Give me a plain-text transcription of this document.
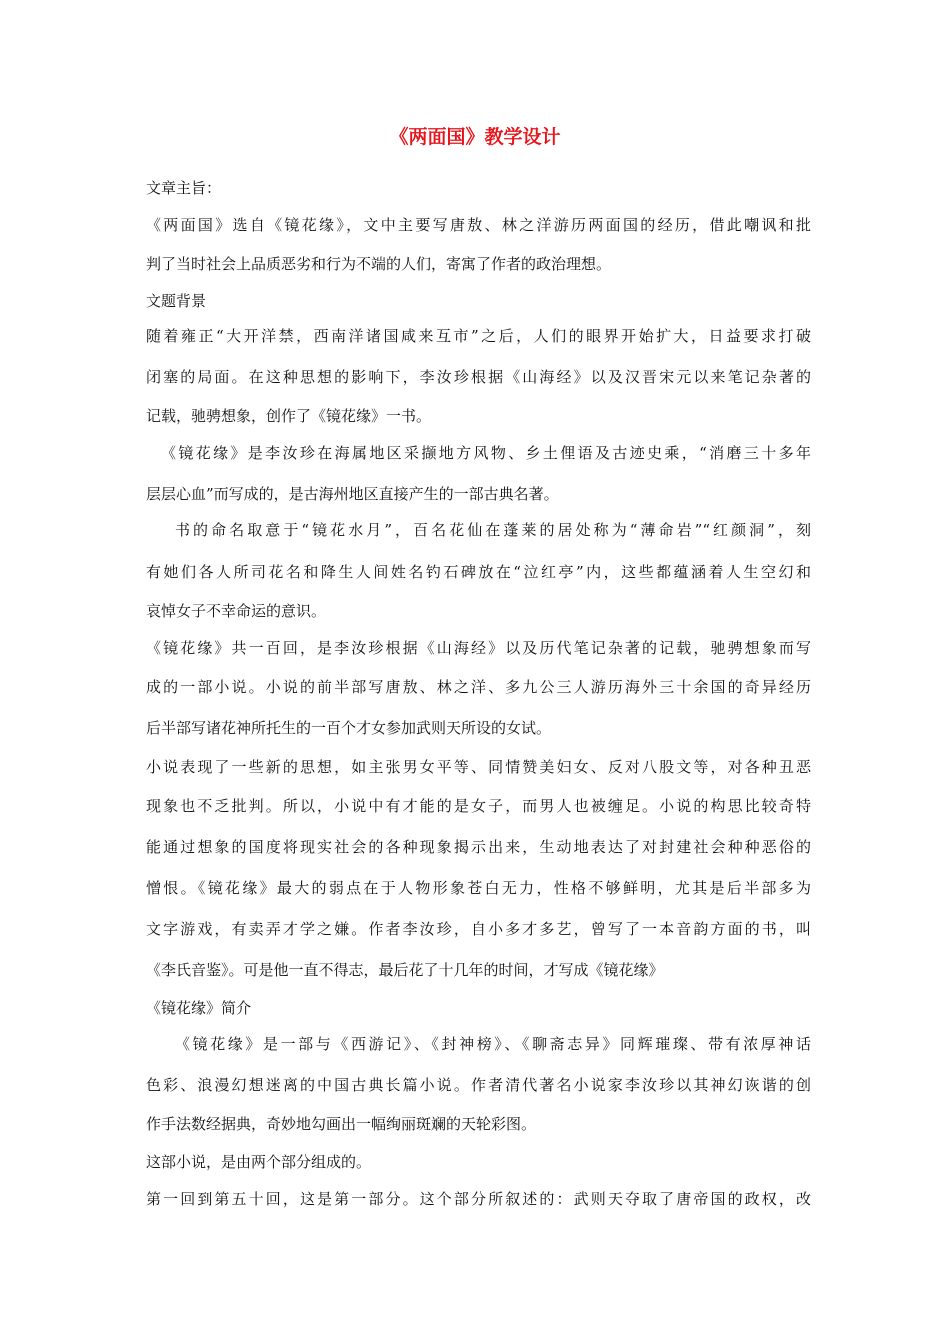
《两面国》教学设计
文章主旨：
《两面国》选自《镜花缘》，文中主要写唐敖、林之洋游历两面国的经历，借此嘲讽和批
判了当时社会上品质恶劣和行为不端的人们，寄寓了作者的政治理想。
文题背景
随着雍正“大开洋禁，西南洋诸国咸来互市”之后，人们的眼界开始扩大，日益要求打破
闭塞的局面。在这种思想的影响下，李汝珍根据《山海经》以及汉晋宋元以来笔记杂著的
记载，驰骋想象，创作了《镜花缘》一书。
《镜花缘》是李汝珍在海属地区采撷地方风物、乡土俚语及古迹史乘，“消磨三十多年
层层心血”而写成的，是古海州地区直接产生的一部古典名著。
书的命名取意于“镜花水月”，百名花仙在蓬莱的居处称为“薄命岩”“红颜洞”，刻
有她们各人所司花名和降生人间姓名钓石碑放在“泣红亭”内，这些都蕴涵着人生空幻和
哀悼女子不幸命运的意识。
《镜花缘》共一百回，是李汝珍根据《山海经》以及历代笔记杂著的记载，驰骋想象而写
成的一部小说。小说的前半部写唐敖、林之洋、多九公三人游历海外三十余国的奇异经历
后半部写诸花神所托生的一百个才女参加武则天所设的女试。
小说表现了一些新的思想，如主张男女平等、同情赞美妇女、反对八股文等，对各种丑恶
现象也不乏批判。所以，小说中有才能的是女子，而男人也被缠足。小说的构思比较奇特
能通过想象的国度将现实社会的各种现象揭示出来，生动地表达了对封建社会种种恶俗的
憎恨。《镜花缘》最大的弱点在于人物形象苍白无力，性格不够鲜明，尤其是后半部多为
文字游戏，有卖弄才学之嫌。作者李汝珍，自小多才多艺，曾写了一本音韵方面的书，叫
《李氏音鉴》。可是他一直不得志，最后花了十几年的时间，才写成《镜花缘》
《镜花缘》简介
《镜花缘》是一部与《西游记》、《封神榜》、《聊斋志异》同辉璀璨、带有浓厚神话
色彩、浪漫幻想迷离的中国古典长篇小说。作者清代著名小说家李汝珍以其神幻诙谐的创
作手法数经据典，奇妙地勾画出一幅绚丽斑斓的天轮彩图。
这部小说，是由两个部分组成的。
第一回到第五十回，这是第一部分。这个部分所叙述的：武则天夺取了唐帝国的政权，改
